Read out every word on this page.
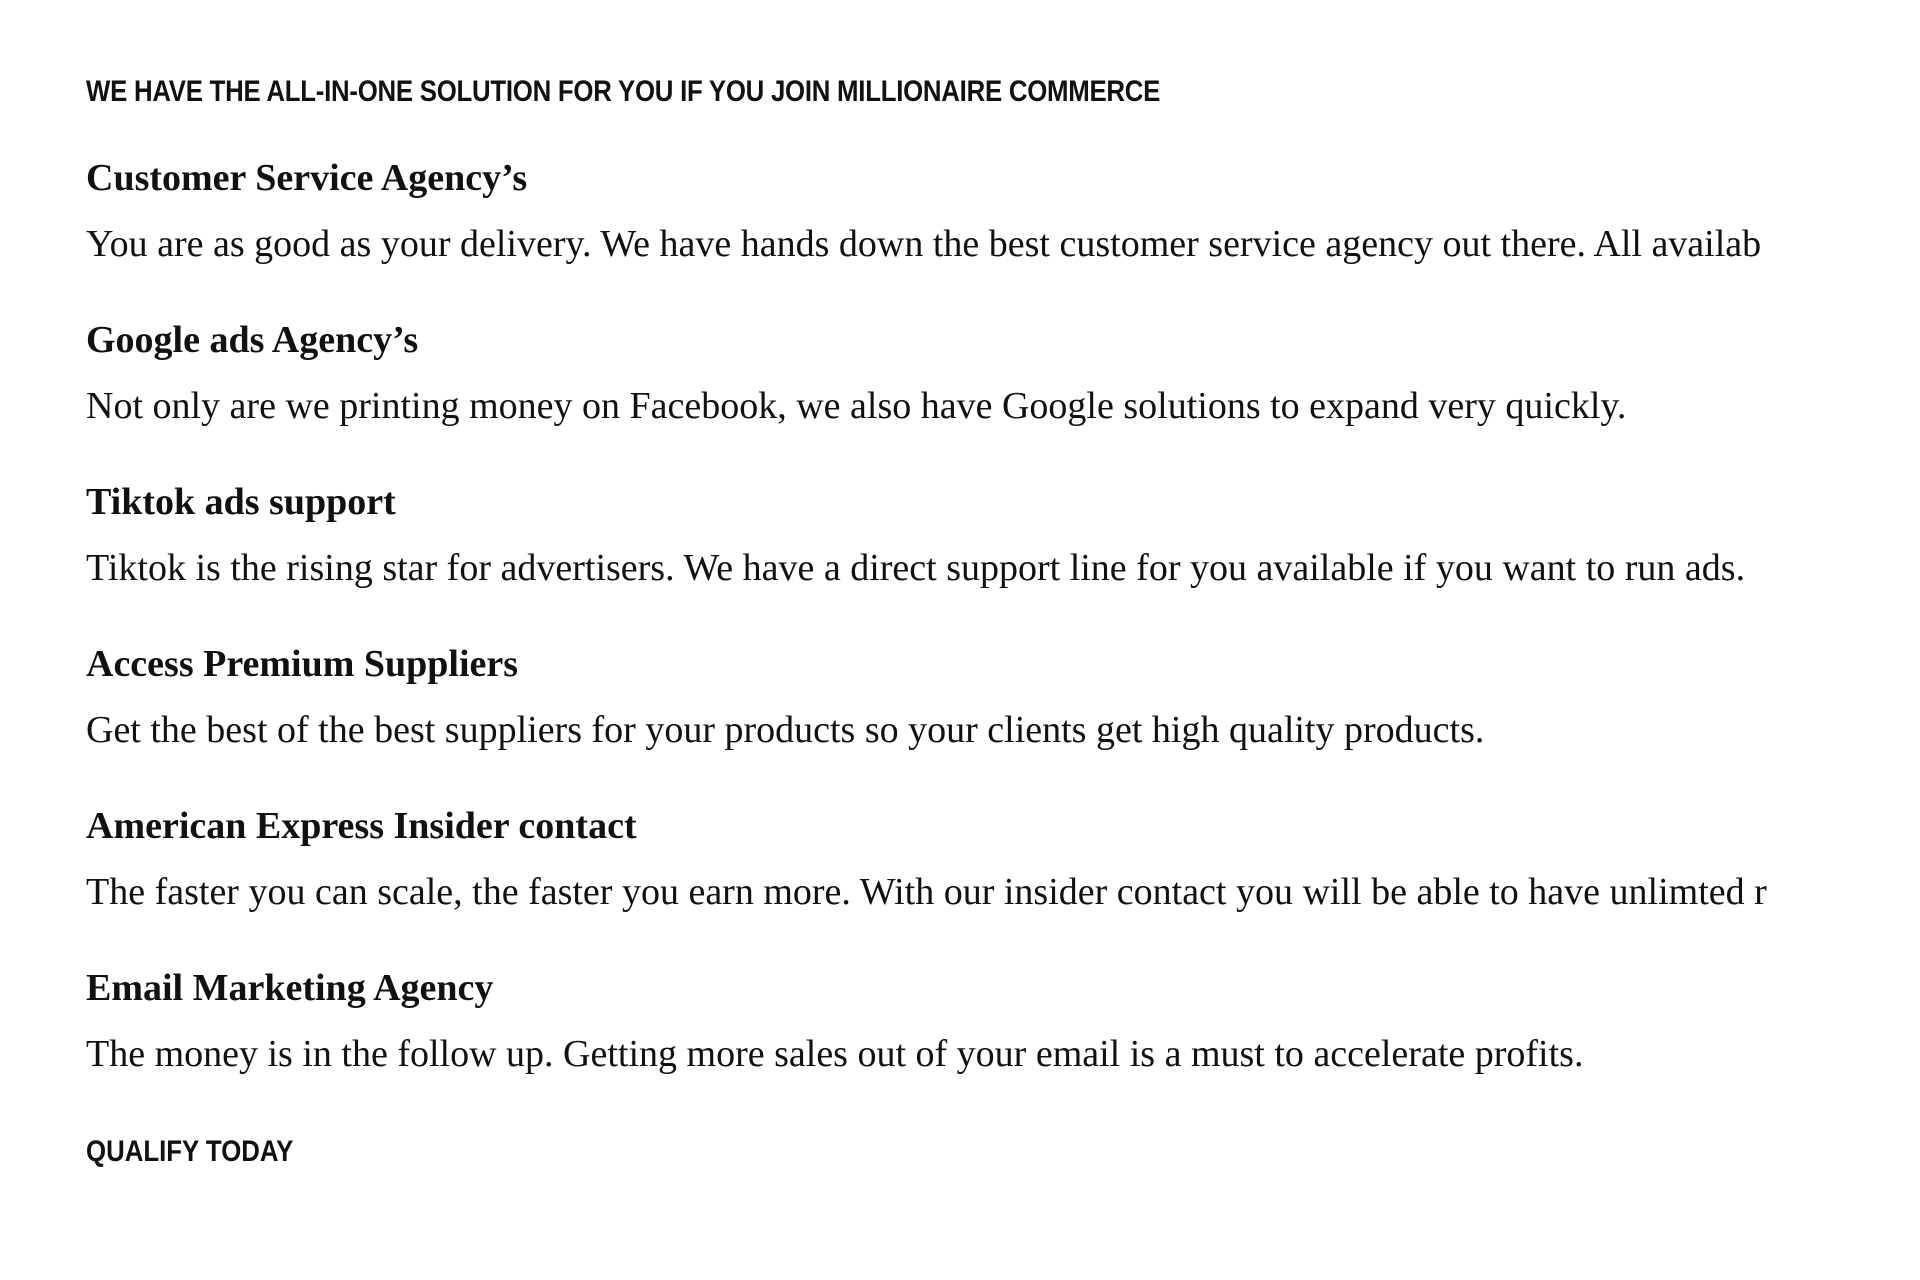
WE HAVE THE ALL-IN-ONE SOLUTION FOR YOU IF YOU JOIN MILLIONAIRE COMMERCE
Customer Service Agency’s

You are as good as your delivery. We have hands down the best customer service agency out there. All availab

Google ads Agency’s

Not only are we printing money on Facebook, we also have Google solutions to expand very quickly.

Tiktok ads support

Tiktok is the rising star for advertisers. We have a direct support line for you available if you want to run ads.

Access Premium Suppliers

Get the best of the best suppliers for your products so your clients get high quality products.

American Express Insider contact

The faster you can scale, the faster you earn more. With our insider contact you will be able to have unlimted r

Email Marketing Agency

The money is in the follow up. Getting more sales out of your email is a must to accelerate profits.

QUALIFY TODAY
